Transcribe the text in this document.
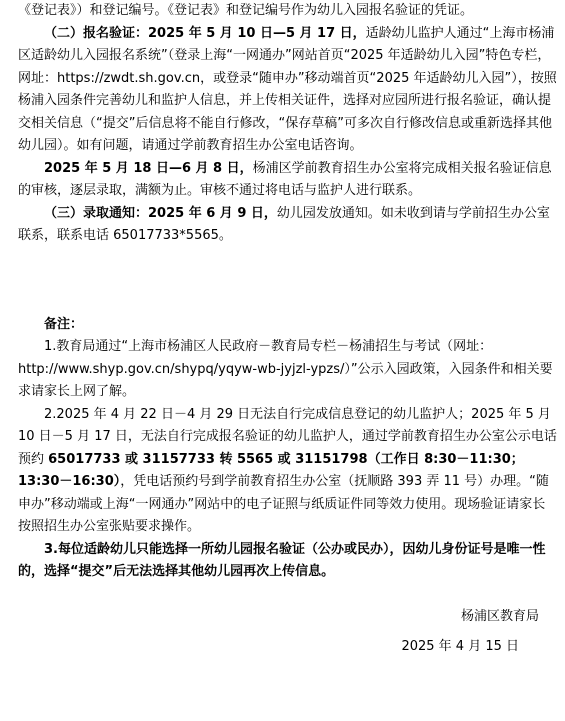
《登记表》）和登记编号。《登记表》和登记编号作为幼儿入园报名验证的凭证。

（二）报名验证：2025 年 5 月 10 日—5 月 17 日，适龄幼儿监护人通过“上海市杨浦区适龄幼儿入园报名系统”（登录上海“一网通办”网站首页“2025 年适龄幼儿入园”特色专栏，网址：https://zwdt.sh.gov.cn，或登录“随申办”移动端首页“2025 年适龄幼儿入园”），按照杨浦入园条件完善幼儿和监护人信息，并上传相关证件，选择对应园所进行报名验证，确认提交相关信息（“提交”后信息将不能自行修改，“保存草稿”可多次自行修改信息或重新选择其他幼儿园）。如有问题，请通过学前教育招生办公室电话咨询。

2025 年 5 月 18 日—6 月 8 日，杨浦区学前教育招生办公室将完成相关报名验证信息的审核，逐层录取，满额为止。审核不通过将电话与监护人进行联系。

（三）录取通知：2025 年 6 月 9 日，幼儿园发放通知。如未收到请与学前招生办公室联系，联系电话 65017733*5565。

备注：

1.教育局通过“上海市杨浦区人民政府－教育局专栏－杨浦招生与考试（网址：http://www.shyp.gov.cn/shypq/yqyw-wb-jyjzl-ypzs/）”公示入园政策，入园条件和相关要求请家长上网了解。

2.2025 年 4 月 22 日－4 月 29 日无法自行完成信息登记的幼儿监护人；2025 年 5 月 10 日－5 月 17 日，无法自行完成报名验证的幼儿监护人，通过学前教育招生办公室公示电话预约 65017733 或 31157733 转 5565 或 31151798（工作日 8:30－11:30；13:30－16:30），凭电话预约号到学前教育招生办公室（抚顺路 393 弄 11 号）办理。“随申办”移动端或上海“一网通办”网站中的电子证照与纸质证件同等效力使用。现场验证请家长按照招生办公室张贴要求操作。

3.每位适龄幼儿只能选择一所幼儿园报名验证（公办或民办），因幼儿身份证号是唯一性的，选择“提交”后无法选择其他幼儿园再次上传信息。

杨浦区教育局

2025 年 4 月 15 日
